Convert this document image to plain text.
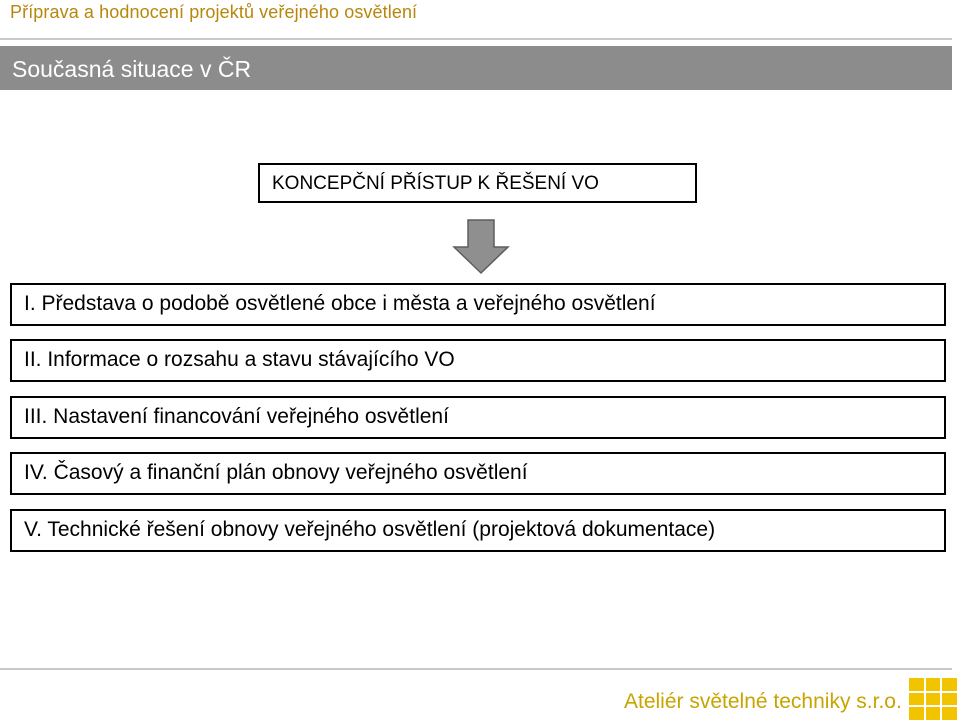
Příprava a hodnocení projektů veřejného osvětlení
Současná situace v ČR
KONCEPČNÍ PŘÍSTUP K ŘEŠENÍ VO
I. Představa o podobě osvětlené obce i města a veřejného osvětlení
II. Informace o rozsahu a stavu stávajícího VO
III. Nastavení financování veřejného osvětlení
IV. Časový a finanční plán obnovy veřejného osvětlení
V. Technické řešení obnovy veřejného osvětlení (projektová dokumentace)
Ateliér světelné techniky s.r.o.
